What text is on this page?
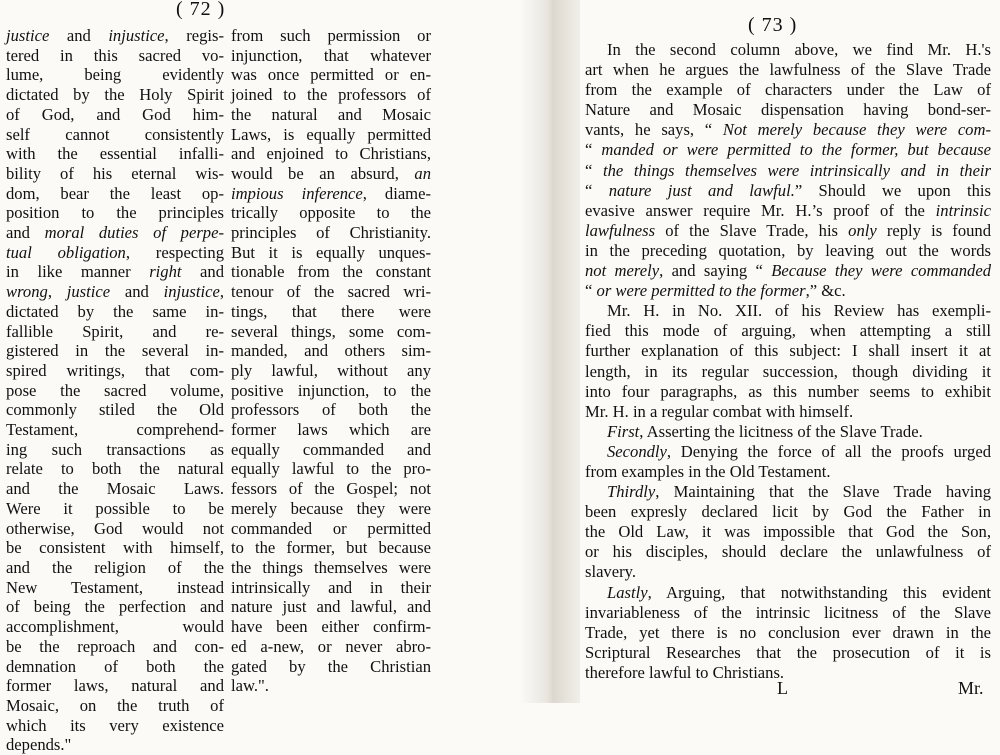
( 72 )
justice and injustice, regis-
tered in this sacred vo-
lume, being evidently
dictated by the Holy Spirit
of God, and God him-
self cannot consistently
with the essential infalli-
bility of his eternal wis-
dom, bear the least op-
position to the principles
and moral duties of perpe-
tual obligation, respecting
in like manner right and
wrong, justice and injustice,
dictated by the same in-
fallible Spirit, and re-
gistered in the several in-
spired writings, that com-
pose the sacred volume,
commonly stiled the Old
Testament, comprehend-
ing such transactions as
relate to both the natural
and the Mosaic Laws.
Were it possible to be
otherwise, God would not
be consistent with himself,
and the religion of the
New Testament, instead
of being the perfection and
accomplishment, would
be the reproach and con-
demnation of both the
former laws, natural and
Mosaic, on the truth of
which its very existence
depends."
from such permission or
injunction, that whatever
was once permitted or en-
joined to the professors of
the natural and Mosaic
Laws, is equally permitted
and enjoined to Christians,
would be an absurd, an
impious inference, diame-
trically opposite to the
principles of Christianity.
But it is equally unques-
tionable from the constant
tenour of the sacred wri-
tings, that there were
several things, some com-
manded, and others sim-
ply lawful, without any
positive injunction, to the
professors of both the
former laws which are
equally commanded and
equally lawful to the pro-
fessors of the Gospel; not
merely because they were
commanded or permitted
to the former, but because
the things themselves were
intrinsically and in their
nature just and lawful, and
have been either confirm-
ed a-new, or never abro-
gated by the Christian
law.".
( 73 )
In the second column above, we find Mr. H.'s
art when he argues the lawfulness of the Slave Trade
from the example of characters under the Law of
Nature and Mosaic dispensation having bond-ser-
vants, he says, “ Not merely because they were com-
“ manded or were permitted to the former, but because
“ the things themselves were intrinsically and in their
“ nature just and lawful.” Should we upon this
evasive answer require Mr. H.’s proof of the intrinsic
lawfulness of the Slave Trade, his only reply is found
in the preceding quotation, by leaving out the words
not merely, and saying “ Because they were commanded
“ or were permitted to the former,” &c.
Mr. H. in No. XII. of his Review has exempli-
fied this mode of arguing, when attempting a still
further explanation of this subject: I shall insert it at
length, in its regular succession, though dividing it
into four paragraphs, as this number seems to exhibit
Mr. H. in a regular combat with himself.
First, Asserting the licitness of the Slave Trade.
Secondly, Denying the force of all the proofs urged
from examples in the Old Testament.
Thirdly, Maintaining that the Slave Trade having
been expresly declared licit by God the Father in
the Old Law, it was impossible that God the Son,
or his disciples, should declare the unlawfulness of
slavery.
Lastly, Arguing, that notwithstanding this evident
invariableness of the intrinsic licitness of the Slave
Trade, yet there is no conclusion ever drawn in the
Scriptural Researches that the prosecution of it is
therefore lawful to Christians.
L	Mr.
